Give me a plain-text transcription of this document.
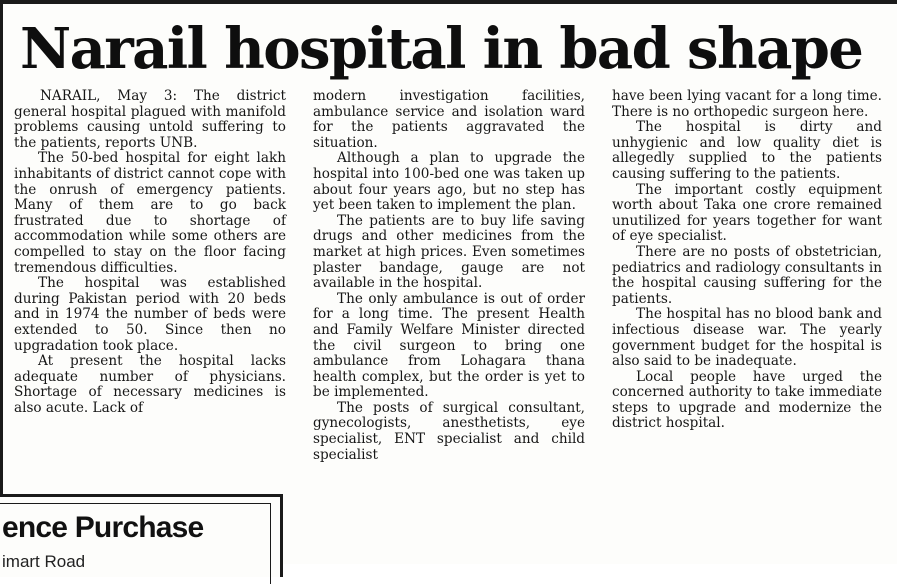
Narail hospital in bad shape

NARAIL, May 3: The district general hospital plagued with manifold problems causing untold suffering to the patients, reports UNB.

The 50-bed hospital for eight lakh inhabitants of district cannot cope with the onrush of emergency patients. Many of them are to go back frustrated due to shortage of accommodation while some others are compelled to stay on the floor facing tremendous difficulties.

The hospital was established during Pakistan period with 20 beds and in 1974 the number of beds were extended to 50. Since then no upgradation took place.

At present the hospital lacks adequate number of physicians. Shortage of necessary medicines is also acute. Lack of

modern investigation facilities, ambulance service and isolation ward for the patients aggravated the situation.

Although a plan to upgrade the hospital into 100-bed one was taken up about four years ago, but no step has yet been taken to implement the plan.

The patients are to buy life saving drugs and other medicines from the market at high prices. Even sometimes plaster bandage, gauge are not available in the hospital.

The only ambulance is out of order for a long time. The present Health and Family Welfare Minister directed the civil surgeon to bring one ambulance from Lohagara thana health complex, but the order is yet to be implemented.

The posts of surgical consultant, gynecologists, anesthetists, eye specialist, ENT specialist and child specialist

have been lying vacant for a long time. There is no orthopedic surgeon here.

The hospital is dirty and unhygienic and low quality diet is allegedly supplied to the patients causing suffering to the patients.

The important costly equipment worth about Taka one crore remained unutilized for years together for want of eye specialist.

There are no posts of obstetrician, pediatrics and radiology consultants in the hospital causing suffering for the patients.

The hospital has no blood bank and infectious disease war. The yearly government budget for the hospital is also said to be inadequate.

Local people have urged the concerned authority to take immediate steps to upgrade and modernize the district hospital.

ence Purchase
imart Road
